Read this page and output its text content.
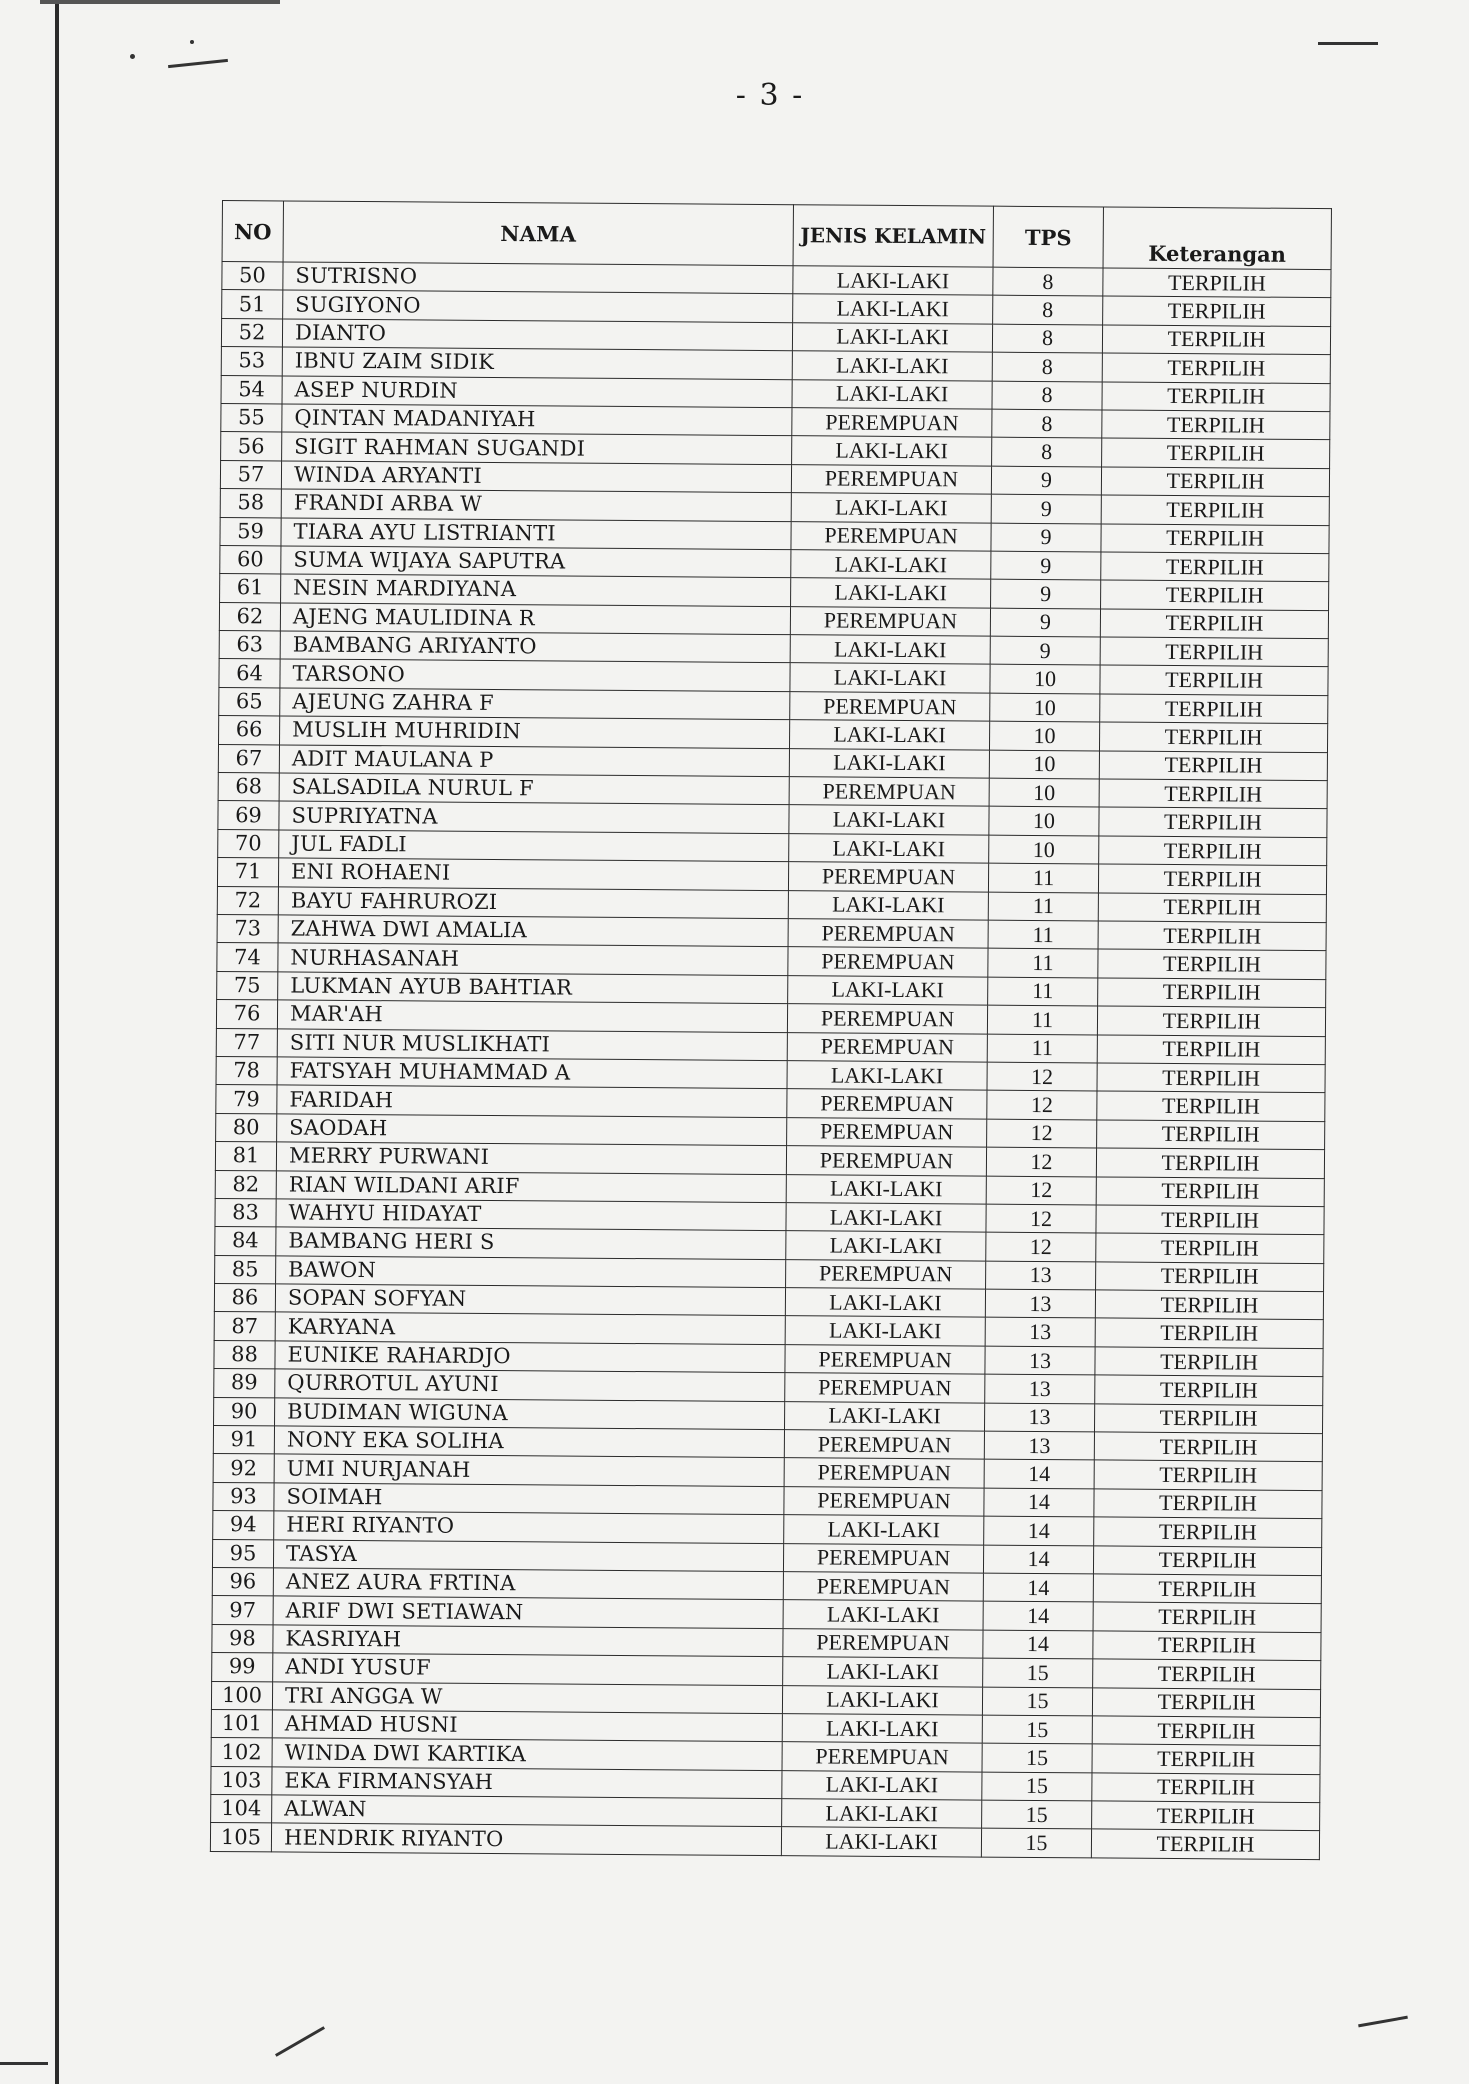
- 3 -
NO	NAMA	JENIS KELAMIN	TPS	Keterangan
50	SUTRISNO	LAKI-LAKI	8	TERPILIH
51	SUGIYONO	LAKI-LAKI	8	TERPILIH
52	DIANTO	LAKI-LAKI	8	TERPILIH
53	IBNU ZAIM SIDIK	LAKI-LAKI	8	TERPILIH
54	ASEP NURDIN	LAKI-LAKI	8	TERPILIH
55	QINTAN MADANIYAH	PEREMPUAN	8	TERPILIH
56	SIGIT RAHMAN SUGANDI	LAKI-LAKI	8	TERPILIH
57	WINDA ARYANTI	PEREMPUAN	9	TERPILIH
58	FRANDI ARBA W	LAKI-LAKI	9	TERPILIH
59	TIARA AYU LISTRIANTI	PEREMPUAN	9	TERPILIH
60	SUMA WIJAYA SAPUTRA	LAKI-LAKI	9	TERPILIH
61	NESIN MARDIYANA	LAKI-LAKI	9	TERPILIH
62	AJENG MAULIDINA R	PEREMPUAN	9	TERPILIH
63	BAMBANG ARIYANTO	LAKI-LAKI	9	TERPILIH
64	TARSONO	LAKI-LAKI	10	TERPILIH
65	AJEUNG ZAHRA F	PEREMPUAN	10	TERPILIH
66	MUSLIH MUHRIDIN	LAKI-LAKI	10	TERPILIH
67	ADIT MAULANA P	LAKI-LAKI	10	TERPILIH
68	SALSADILA NURUL F	PEREMPUAN	10	TERPILIH
69	SUPRIYATNA	LAKI-LAKI	10	TERPILIH
70	JUL FADLI	LAKI-LAKI	10	TERPILIH
71	ENI ROHAENI	PEREMPUAN	11	TERPILIH
72	BAYU FAHRUROZI	LAKI-LAKI	11	TERPILIH
73	ZAHWA DWI AMALIA	PEREMPUAN	11	TERPILIH
74	NURHASANAH	PEREMPUAN	11	TERPILIH
75	LUKMAN AYUB BAHTIAR	LAKI-LAKI	11	TERPILIH
76	MAR'AH	PEREMPUAN	11	TERPILIH
77	SITI NUR MUSLIKHATI	PEREMPUAN	11	TERPILIH
78	FATSYAH MUHAMMAD A	LAKI-LAKI	12	TERPILIH
79	FARIDAH	PEREMPUAN	12	TERPILIH
80	SAODAH	PEREMPUAN	12	TERPILIH
81	MERRY PURWANI	PEREMPUAN	12	TERPILIH
82	RIAN WILDANI ARIF	LAKI-LAKI	12	TERPILIH
83	WAHYU HIDAYAT	LAKI-LAKI	12	TERPILIH
84	BAMBANG HERI S	LAKI-LAKI	12	TERPILIH
85	BAWON	PEREMPUAN	13	TERPILIH
86	SOPAN SOFYAN	LAKI-LAKI	13	TERPILIH
87	KARYANA	LAKI-LAKI	13	TERPILIH
88	EUNIKE RAHARDJO	PEREMPUAN	13	TERPILIH
89	QURROTUL AYUNI	PEREMPUAN	13	TERPILIH
90	BUDIMAN WIGUNA	LAKI-LAKI	13	TERPILIH
91	NONY EKA SOLIHA	PEREMPUAN	13	TERPILIH
92	UMI NURJANAH	PEREMPUAN	14	TERPILIH
93	SOIMAH	PEREMPUAN	14	TERPILIH
94	HERI RIYANTO	LAKI-LAKI	14	TERPILIH
95	TASYA	PEREMPUAN	14	TERPILIH
96	ANEZ AURA FRTINA	PEREMPUAN	14	TERPILIH
97	ARIF DWI SETIAWAN	LAKI-LAKI	14	TERPILIH
98	KASRIYAH	PEREMPUAN	14	TERPILIH
99	ANDI YUSUF	LAKI-LAKI	15	TERPILIH
100	TRI ANGGA W	LAKI-LAKI	15	TERPILIH
101	AHMAD HUSNI	LAKI-LAKI	15	TERPILIH
102	WINDA DWI KARTIKA	PEREMPUAN	15	TERPILIH
103	EKA FIRMANSYAH	LAKI-LAKI	15	TERPILIH
104	ALWAN	LAKI-LAKI	15	TERPILIH
105	HENDRIK RIYANTO	LAKI-LAKI	15	TERPILIH
